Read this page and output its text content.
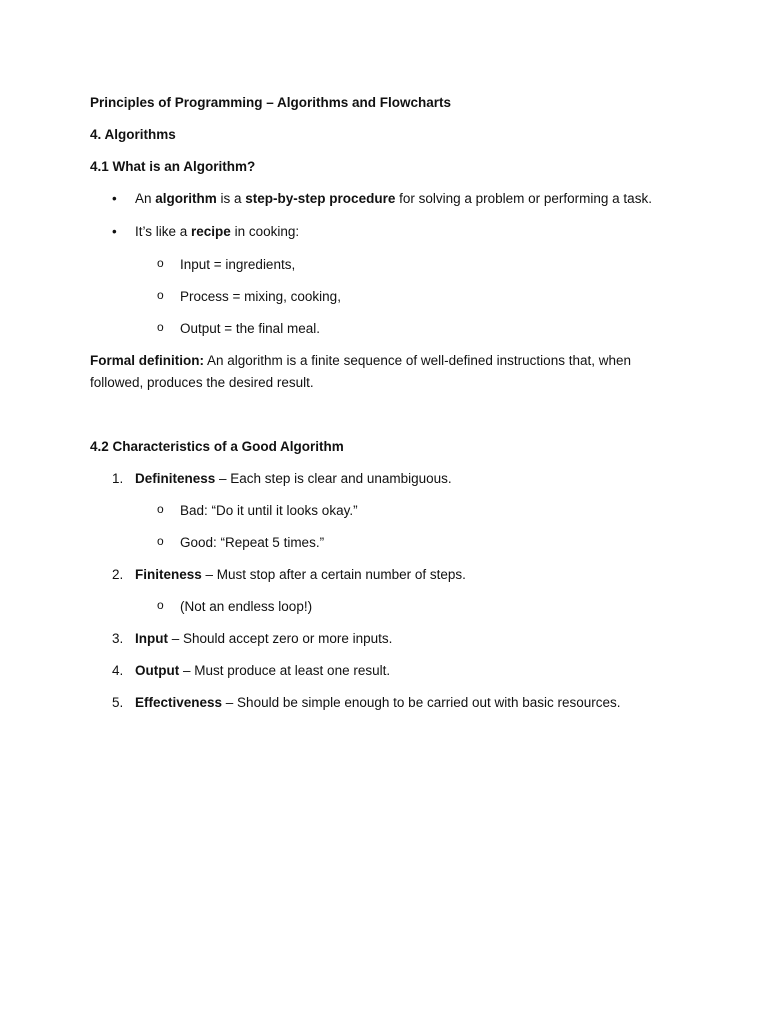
Principles of Programming – Algorithms and Flowcharts
4. Algorithms
4.1 What is an Algorithm?
•	An algorithm is a step-by-step procedure for solving a problem or performing a task.
•	It’s like a recipe in cooking:
o Input = ingredients,
o Process = mixing, cooking,
o Output = the final meal.

Formal definition: An algorithm is a finite sequence of well-defined instructions that, when
followed, produces the desired result.

4.2 Characteristics of a Good Algorithm
1. Definiteness – Each step is clear and unambiguous.
o Bad: “Do it until it looks okay.”
o Good: “Repeat 5 times.”
2. Finiteness – Must stop after a certain number of steps.
o (Not an endless loop!)
3. Input – Should accept zero or more inputs.
4. Output – Must produce at least one result.
5. Effectiveness – Should be simple enough to be carried out with basic resources.
